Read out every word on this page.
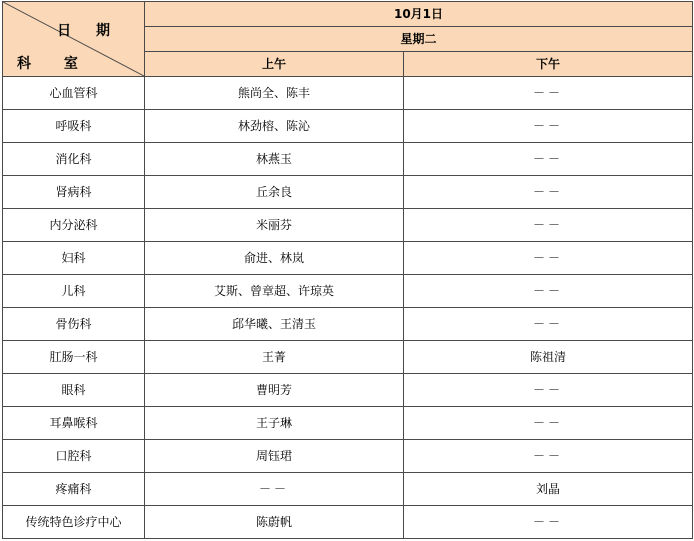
日 期
科 室	10月1日	
	星期二	
	上午	下午
心血管科	熊尚全、陈丰	－－
呼吸科	林劲榕、陈沁	－－
消化科	林燕玉	－－
肾病科	丘余良	－－
内分泌科	米丽芬	－－
妇科	俞进、林岚	－－
儿科	艾斯、曾章超、许琼英	－－
骨伤科	邱华曦、王清玉	－－
肛肠一科	王菁	陈祖清
眼科	曹明芳	－－
耳鼻喉科	王子琳	－－
口腔科	周钰珺	－－
疼痛科	－－	刘晶
传统特色诊疗中心	陈蔚帆	－－
